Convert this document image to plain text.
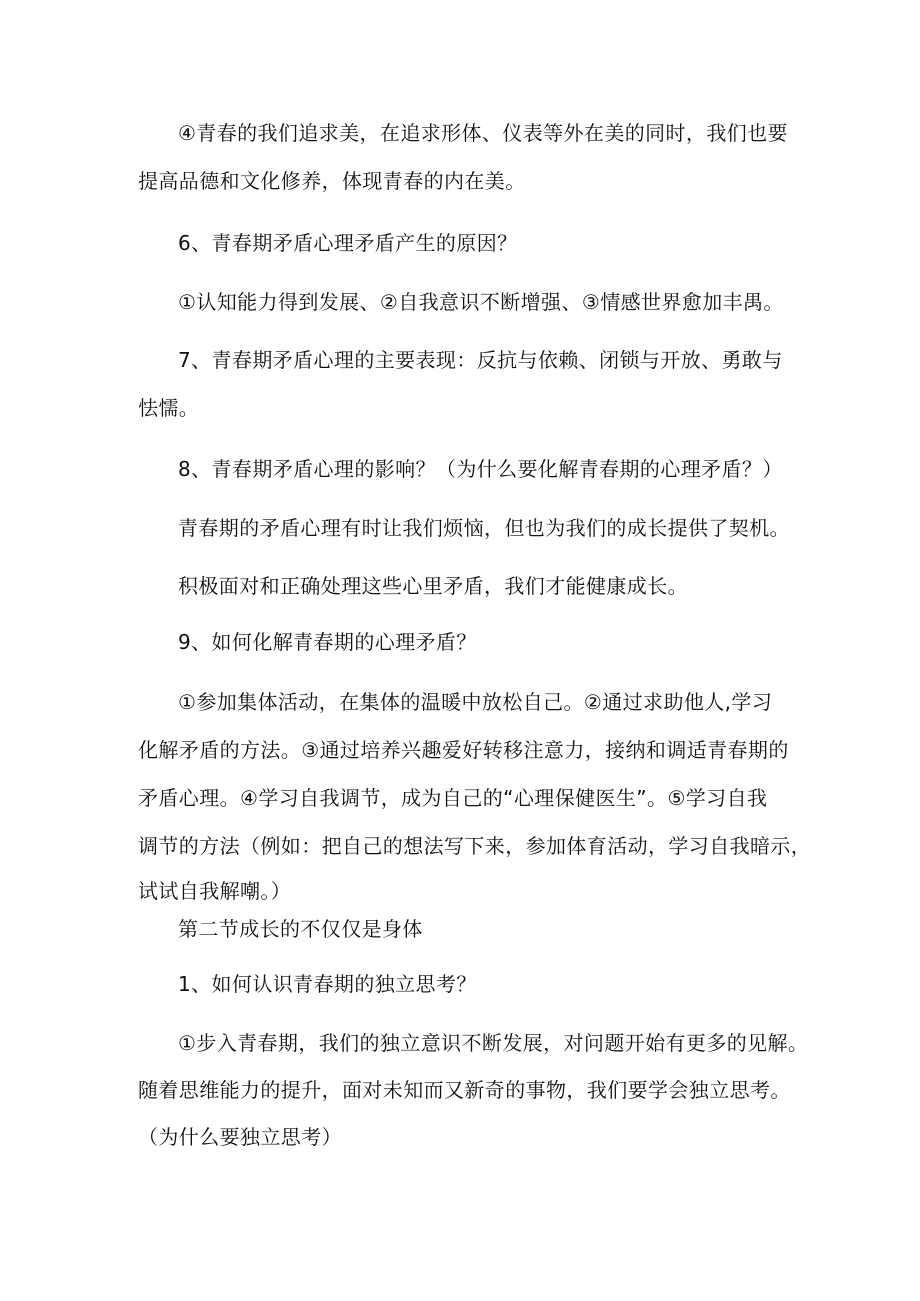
④青春的我们追求美，在追求形体、仪表等外在美的同时，我们也要
提高品德和文化修养，体现青春的内在美。
6、青春期矛盾心理矛盾产生的原因？
①认知能力得到发展、②自我意识不断增强、③情感世界愈加丰禺。
7、青春期矛盾心理的主要表现：反抗与依赖、闭锁与开放、勇敢与
怯懦。
8、青春期矛盾心理的影响？（为什么要化解青春期的心理矛盾？）
青春期的矛盾心理有时让我们烦恼，但也为我们的成长提供了契机。
积极面对和正确处理这些心里矛盾，我们才能健康成长。
9、如何化解青春期的心理矛盾？
①参加集体活动，在集体的温暖中放松自己。②通过求助他人,学习
化解矛盾的方法。③通过培养兴趣爱好转移注意力，接纳和调适青春期的
矛盾心理。④学习自我调节，成为自己的“心理保健医生”。⑤学习自我
调节的方法（例如：把自己的想法写下来，参加体育活动，学习自我暗示，
试试自我解嘲。）
第二节成长的不仅仅是身体
1、如何认识青春期的独立思考？
①步入青春期，我们的独立意识不断发展，对问题开始有更多的见解。
随着思维能力的提升，面对未知而又新奇的事物，我们要学会独立思考。
（为什么要独立思考）
